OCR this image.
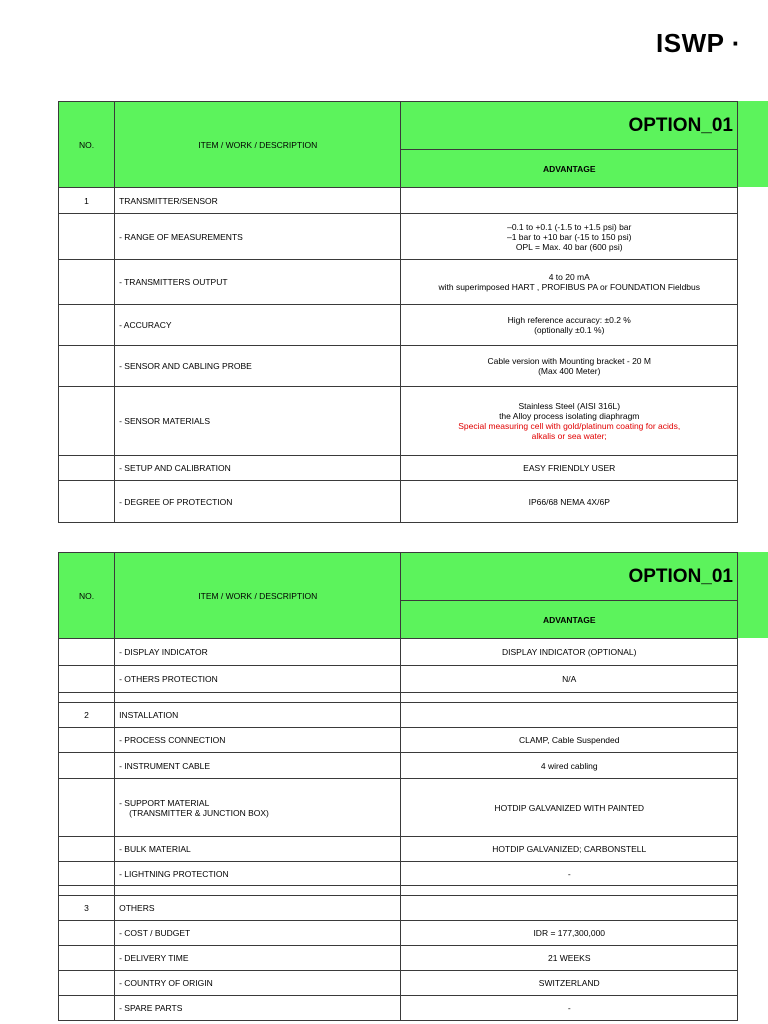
ISWP ·
NO.	ITEM / WORK / DESCRIPTION	OPTION_01
		ADVANTAGE
1	TRANSMITTER/SENSOR	

	- RANGE OF MEASUREMENTS	–0.1 to +0.1 (-1.5 to +1.5 psi) bar
–1 bar to +10 bar (-15 to 150 psi)
OPL = Max. 40 bar (600 psi)

	- TRANSMITTERS OUTPUT	4 to 20 mA
with superimposed HART , PROFIBUS PA or FOUNDATION Fieldbus

	- ACCURACY	High reference accuracy: ±0.2 %
(optionally ±0.1 %)

	- SENSOR AND CABLING PROBE	Cable version with Mounting bracket - 20 M
(Max 400 Meter)

	- SENSOR MATERIALS	Stainless Steel (AISI 316L)
the Alloy process isolating diaphragm
Special measuring cell with gold/platinum coating for acids,
alkalis or sea water;

	- SETUP AND CALIBRATION	EASY FRIENDLY USER

	- DEGREE OF PROTECTION	IP66/68 NEMA 4X/6P
NO.	ITEM / WORK / DESCRIPTION	OPTION_01
		ADVANTAGE

	- DISPLAY INDICATOR	DISPLAY INDICATOR (OPTIONAL)

	- OTHERS PROTECTION	N/A

2	INSTALLATION	

	- PROCESS CONNECTION	CLAMP, Cable Suspended

	- INSTRUMENT CABLE	4 wired cabling

	- SUPPORT MATERIAL
(TRANSMITTER & JUNCTION BOX)	HOTDIP GALVANIZED WITH PAINTED

	- BULK MATERIAL	HOTDIP GALVANIZED; CARBONSTELL

	- LIGHTNING PROTECTION	-

3	OTHERS	

	- COST / BUDGET	IDR = 177,300,000

	- DELIVERY TIME	21 WEEKS

	- COUNTRY OF ORIGIN	SWITZERLAND

	- SPARE PARTS	-
